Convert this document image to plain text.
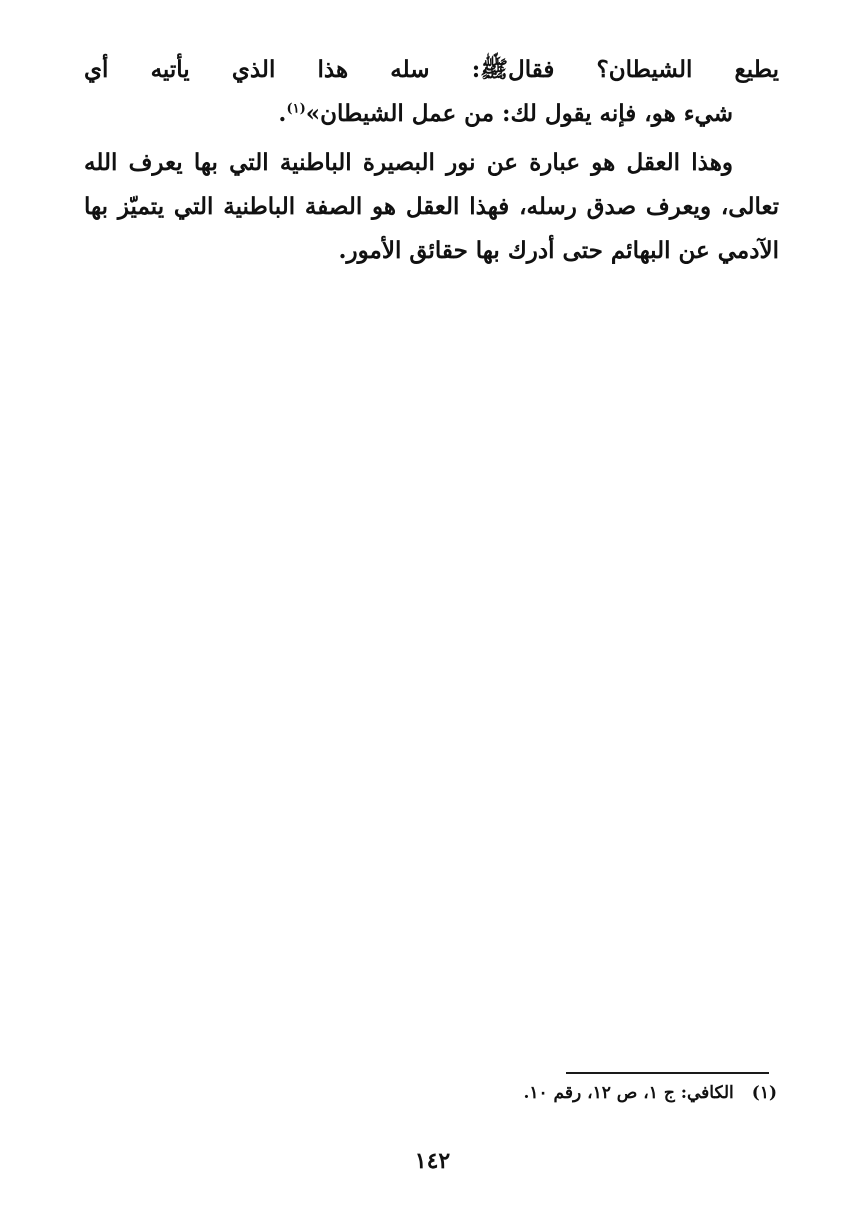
يطيع الشيطان؟ فقالﷺ: سله هذا الذي يأتيه أي
شيء هو، فإنه يقول لك: من عمل الشيطان»$^{(١)}$.
وهذا العقل هو عبارة عن نور البصيرة الباطنية التي بها يعرف الله
تعالى، ويعرف صدق رسله، فهذا العقل هو الصفة الباطنية التي يتميّز بها
الآدمي عن البهائم حتى أدرك بها حقائق الأمور.
(١)الكافي: ج ١، ص ١٢، رقم ١٠.
١٤٢
